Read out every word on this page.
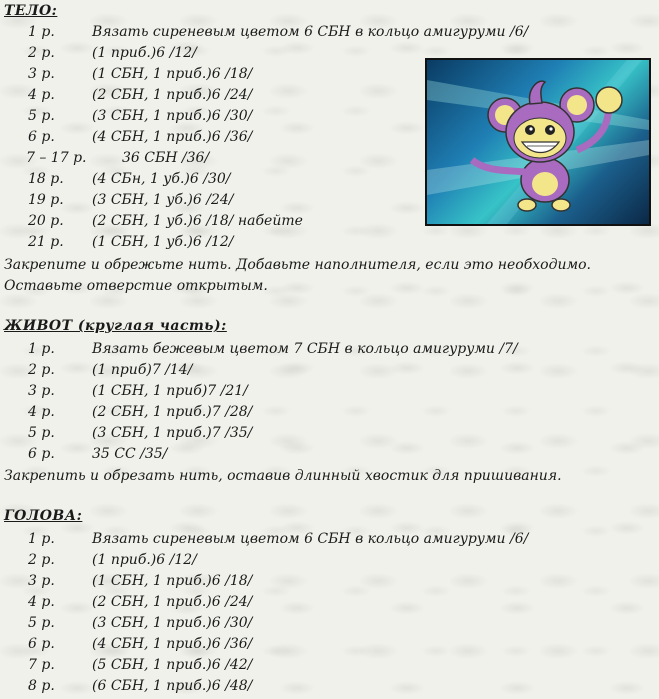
ТЕЛО:
1 р.	Вязать сиреневым цветом 6 СБН в кольцо амигуруми /6/
2 р.	(1 приб.)6 /12/
3 р.	(1 СБН, 1 приб.)6 /18/
4 р.	(2 СБН, 1 приб.)6 /24/
5 р.	(3 СБН, 1 приб.)6 /30/
6 р.	(4 СБН, 1 приб.)6 /36/
7 – 17 р.	36 СБН /36/
18 р. (4 СБн, 1 уб.)6 /30/
19 р. (3 СБН, 1 уб.)6 /24/
20 р. (2 СБН, 1 уб.)6 /18/ набейте
21 р. (1 СБН, 1 уб.)6 /12/
Закрепите и обрежьте нить. Добавьте наполнителя, если это необходимо. Оставьте отверстие открытым.
ЖИВОТ (круглая часть):
1 р.	Вязать бежевым цветом 7 СБН в кольцо амигуруми /7/
2 р.	(1 приб)7 /14/
3 р.	(1 СБН, 1 приб)7 /21/
4 р.	(2 СБН, 1 приб.)7 /28/
5 р.	(3 СБН, 1 приб.)7 /35/
6 р.	35 СС /35/
Закрепить и обрезать нить, оставив длинный хвостик для пришивания.
ГОЛОВА:
1 р.	Вязать сиреневым цветом 6 СБН в кольцо амигуруми /6/
2 р.	(1 приб.)6 /12/
3 р.	(1 СБН, 1 приб.)6 /18/
4 р.	(2 СБН, 1 приб.)6 /24/
5 р.	(3 СБН, 1 приб.)6 /30/
6 р.	(4 СБН, 1 приб.)6 /36/
7 р.	(5 СБН, 1 приб.)6 /42/
8 р.	(6 СБН, 1 приб.)6 /48/
